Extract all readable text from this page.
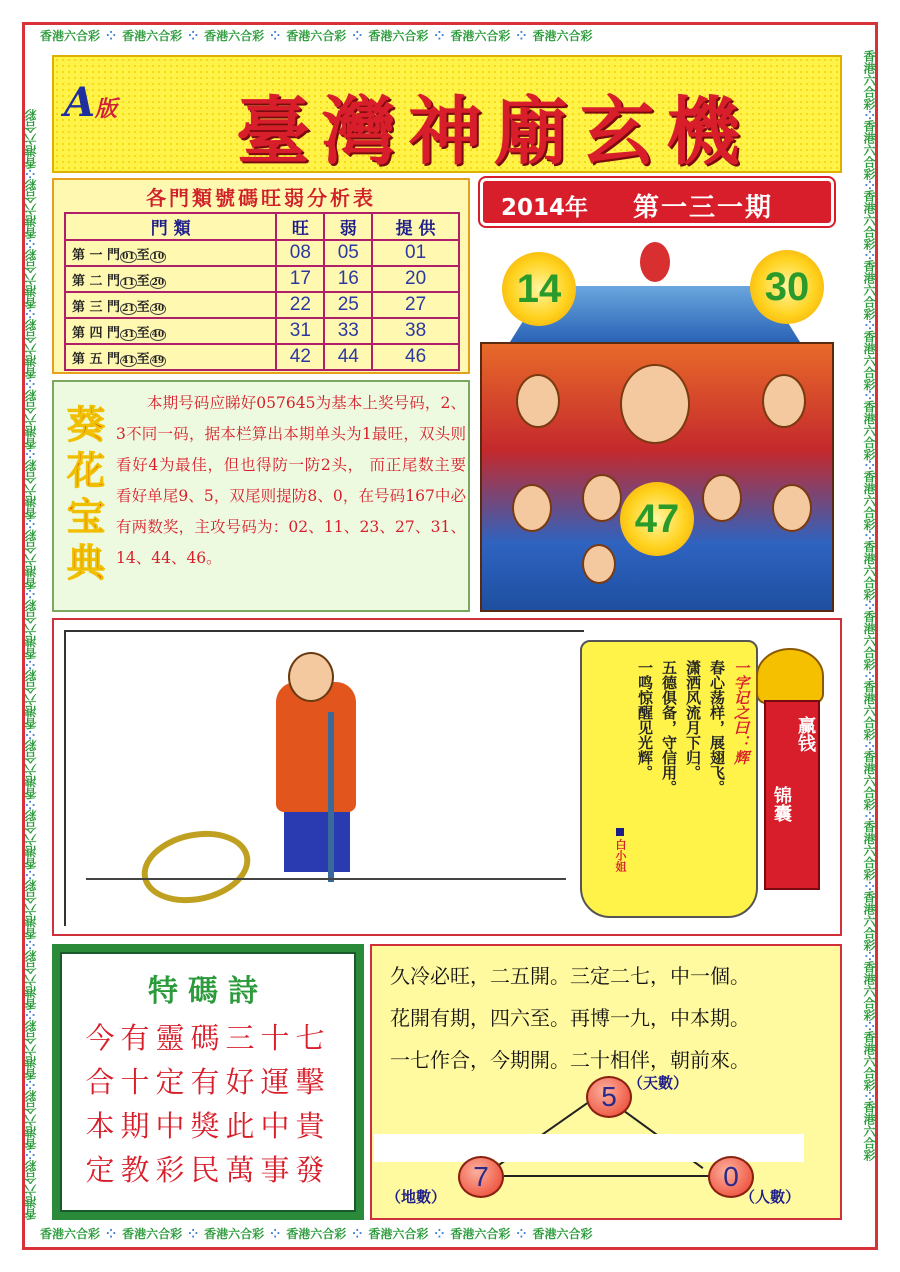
香港六合彩 ⁘ 香港六合彩 ⁘ 香港六合彩 ⁘ 香港六合彩 ⁘ 香港六合彩 ⁘ 香港六合彩 ⁘ 香港六合彩
香港六合彩 ⁘ 香港六合彩 ⁘ 香港六合彩 ⁘ 香港六合彩 ⁘ 香港六合彩 ⁘ 香港六合彩 ⁘ 香港六合彩
香港六合彩⁘香港六合彩⁘香港六合彩⁘香港六合彩⁘香港六合彩⁘香港六合彩⁘香港六合彩⁘香港六合彩⁘香港六合彩⁘香港六合彩⁘香港六合彩⁘香港六合彩⁘香港六合彩⁘香港六合彩⁘香港六合彩⁘香港六合彩
香港六合彩⁘香港六合彩⁘香港六合彩⁘香港六合彩⁘香港六合彩⁘香港六合彩⁘香港六合彩⁘香港六合彩⁘香港六合彩⁘香港六合彩⁘香港六合彩⁘香港六合彩⁘香港六合彩⁘香港六合彩⁘香港六合彩⁘香港六合彩
A版	臺灣神廟玄機
各門類號碼旺弱分析表
門 類	旺	弱	提 供
第 一 門 01 至 10	08	05	01
第 二 門 11 至 20	17	16	20
第 三 門 21 至 30	22	25	27
第 四 門 31 至 40	31	33	38
第 五 門 41 至 49	42	44	46
2014年 第一三一期
14	30
47
葵花宝典
本期号码应睇好057645为基本上奖号码，2、3不同一码，据本栏算出本期单头为1最旺，双头则看好4为最佳，但也得防一防2头， 而正尾数主要看好单尾9、5，双尾则提防8、0，在号码167中必有两数奖，主攻号码为：02、11、23、27、31、14、44、46。
一字记之曰：辉
春心荡样，展翅飞。
潇洒风流月下归。
五德俱备，守信用。
一鸣惊醒见光辉。
白小姐
赢钱
锦囊
特碼詩
今有靈碼三十七
合十定有好運擊
本期中獎此中貴
定教彩民萬事發
久冷必旺，二五開。三定二七，中一個。
花開有期，四六至。再博一九，中本期。
一七作合，今期開。二十相伴，朝前來。
5 （天數）
7
（地數）
0
（人數）
